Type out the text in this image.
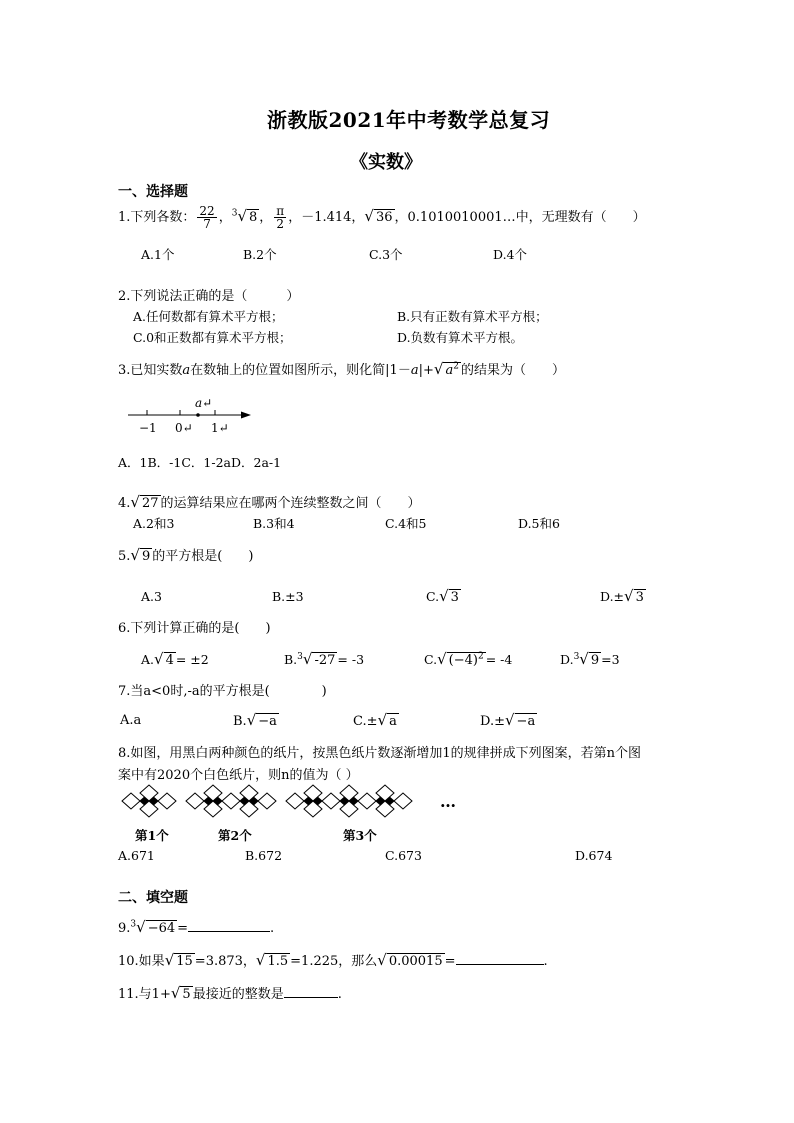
浙教版2021年中考数学总复习
《实数》
一、选择题
1.下列各数： $\frac{22}{7}$ ，$^3$√ 8 ， $\frac{\pi}{2}$ ，－1.414，√ 36 ，0.1010010001…中，无理数有（　　）
A.1个	B.2个	C.3个	D.4个
2.下列说法正确的是（　　　）
A.任何数都有算术平方根；	B.只有正数有算术平方根；
C.0和正数都有算术平方根；	D.负数有算术平方根。
3.已知实数a在数轴上的位置如图所示，则化简|1－a|+√ $a^2$ 的结果为（　　）
a↵
−1 0↵ 1↵
A．1B．-1C．1-2aD．2a-1
4.√ 27 的运算结果应在哪两个连续整数之间（　　）
A.2和3	B.3和4	C.4和5	D.5和6
5.√ 9 的平方根是(　　)
A.3	B.±3	C.√ 3	D.±√ 3
6.下列计算正确的是(　　)
A.√ 4 = ±2	B.$^3$√ -27 = -3	C.√ $(-4)^2 = -4$	D.$^3$√ 9 =3
7.当a<0时,-a的平方根是(　　　　)
A.a	B.√ −a	C.±√ a	D.±√ −a
8.如图，用黑白两种颜色的纸片，按黑色纸片数逐渐增加1的规律拼成下列图案，若第n个图
案中有2020个白色纸片，则n的值为（ ）
…
第1个	第2个	第3个
A.671	B.672	C.673	D.674
二、填空题
9.$^3$√ −64 =	.
10.如果√ 15 =3.873，√ 1.5 =1.225，那么√ 0.00015 =	.
11.与1+√ 5 最接近的整数是	.
